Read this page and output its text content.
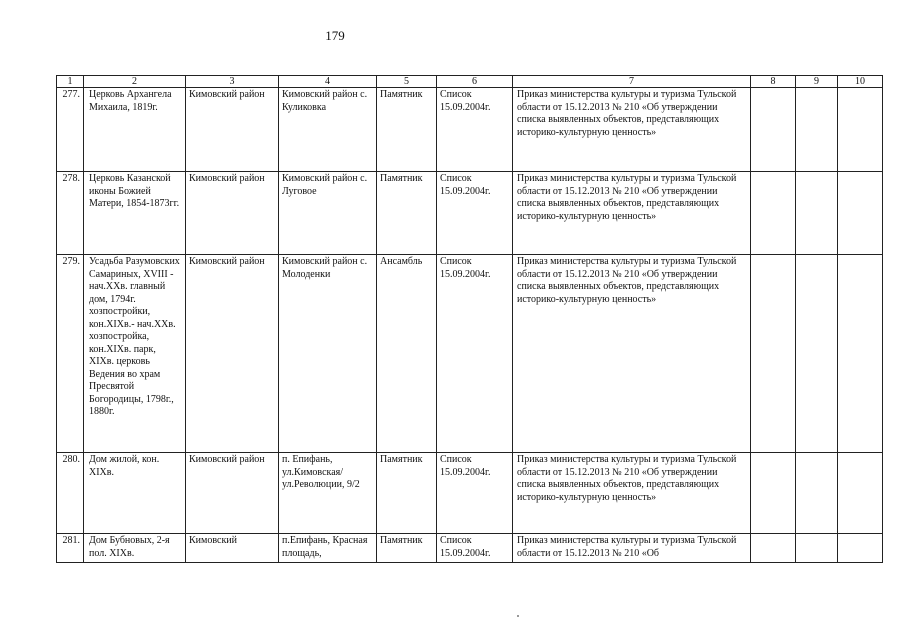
179
1	2	3	4	5	6	7	8	9	10
277.	Церковь Архангела Михаила, 1819г.	Кимовский район	Кимовский район с. Куликовка	Памятник	Список 15.09.2004г.	Приказ министерства культуры и туризма Тульской области от 15.12.2013 № 210 «Об утверждении списка выявленных объектов, представляющих историко-культурную ценность»			
278.	Церковь Казанской иконы Божией Матери, 1854-1873гг.	Кимовский район	Кимовский район с. Луговое	Памятник	Список 15.09.2004г.	Приказ министерства культуры и туризма Тульской области от 15.12.2013 № 210 «Об утверждении списка выявленных объектов, представляющих историко-культурную ценность»			
279.	Усадьба Разумовских Самариных, XVIII - нач.XXв. главный дом, 1794г. хозпостройки, кон.XIXв.- нач.XXв. хозпостройка, кон.XIXв. парк, XIXв. церковь Ведения во храм Пресвятой Богородицы, 1798г., 1880г.	Кимовский район	Кимовский район с. Молоденки	Ансамбль	Список 15.09.2004г.	Приказ министерства культуры и туризма Тульской области от 15.12.2013 № 210 «Об утверждении списка выявленных объектов, представляющих историко-культурную ценность»			
280.	Дом жилой, кон. XIXв.	Кимовский район	п. Епифань, ул.Кимовская/ ул.Революции, 9/2	Памятник	Список 15.09.2004г.	Приказ министерства культуры и туризма Тульской области от 15.12.2013 № 210 «Об утверждении списка выявленных объектов, представляющих историко-культурную ценность»			
281.	Дом Бубновых, 2-я пол. XIXв.	Кимовский	п.Епифань, Красная площадь,	Памятник	Список 15.09.2004г.	Приказ министерства культуры и туризма Тульской области от 15.12.2013 № 210 «Об			
